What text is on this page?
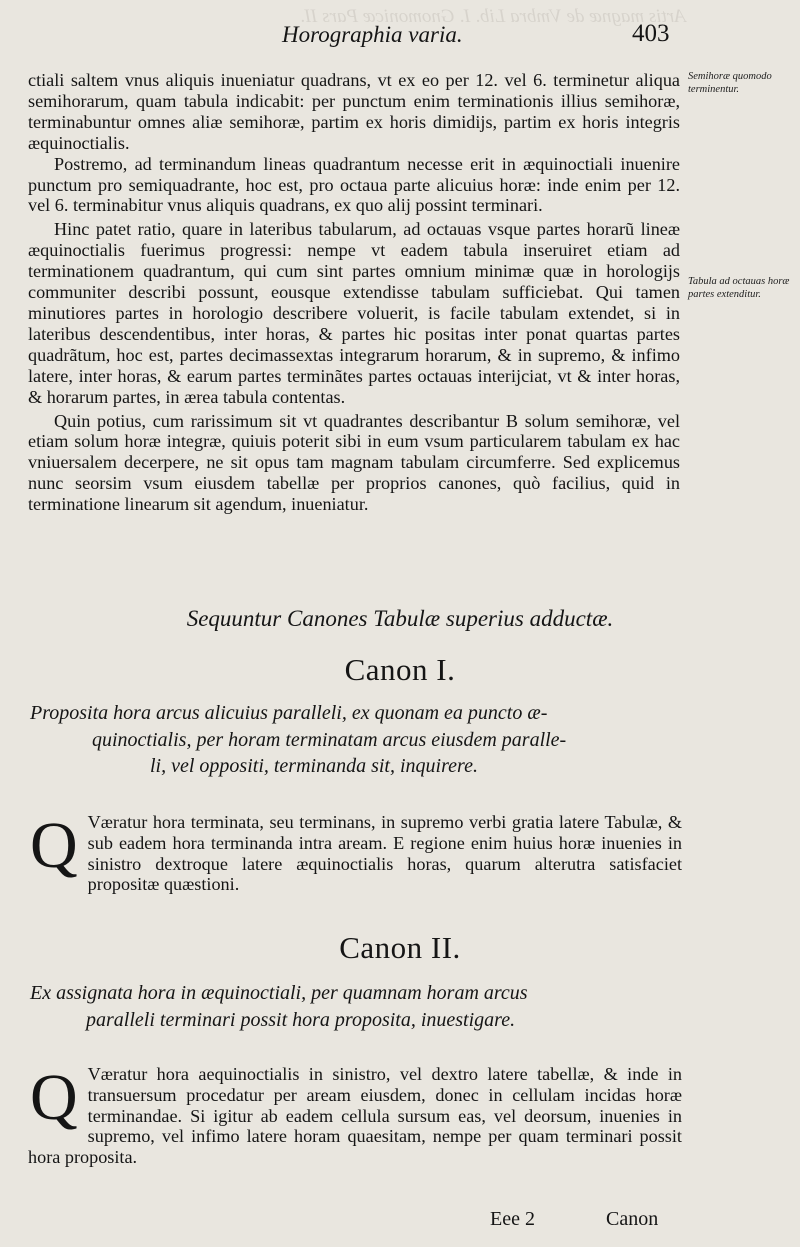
Artis magnæ de Vmbra Lib. I. Gnomonicæ Pars II.
Horographia varia.	403
Semihoræ quomodo terminentur.
Tabula ad octauas horæ partes extenditur.

ctiali saltem vnus aliquis inueniatur quadrans, vt ex eo per 12. vel 6. terminetur aliqua semihorarum, quam tabula indicabit: per punctum enim terminationis illius semihoræ, terminabuntur omnes aliæ semihoræ, partim ex horis dimidijs, partim ex horis integris æquinoctialis.

Postremo, ad terminandum lineas quadrantum necesse erit in æquinoctiali inuenire punctum pro semiquadrante, hoc est, pro octaua parte alicuius horæ: inde enim per 12. vel 6. terminabitur vnus aliquis quadrans, ex quo alij possint terminari.

Hinc patet ratio, quare in lateribus tabularum, ad octauas vsque partes horarũ lineæ æquinoctialis fuerimus progressi: nempe vt eadem tabula inseruiret etiam ad terminationem quadrantum, qui cum sint partes omnium minimæ quæ in horologijs communiter describi possunt, eousque extendisse tabulam sufficiebat. Qui tamen minutiores partes in horologio describere voluerit, is facile tabulam extendet, si in lateribus descendentibus, inter horas, & partes hic positas inter ponat quartas partes quadrãtum, hoc est, partes decimassextas integrarum horarum, & in supremo, & infimo latere, inter horas, & earum partes terminãtes partes octauas interijciat, vt & inter horas, & horarum partes, in ærea tabula contentas.

Quin potius, cum rarissimum sit vt quadrantes describantur B solum semihoræ, vel etiam solum horæ integræ, quiuis poterit sibi in eum vsum particularem tabulam ex hac vniuersalem decerpere, ne sit opus tam magnam tabulam circumferre. Sed explicemus nunc seorsim vsum eiusdem tabellæ per proprios canones, quò facilius, quid in terminatione linearum sit agendum, inueniatur.

Sequuntur Canones Tabulæ superius adductæ.
Canon I.
Proposita hora arcus alicuius paralleli, ex quonam ea puncto æ-
quinoctialis, per horam terminatam arcus eiusdem paralle-
li, vel oppositi, terminanda sit, inquirere.
Q Væratur hora terminata, seu terminans, in supremo verbi gratia latere Tabulæ, & sub eadem hora terminanda intra aream. E regione enim huius horæ inuenies in sinistro dextroque latere æquinoctialis horas, quarum alterutra satisfaciet propositæ quæstioni.
Canon II.
Ex assignata hora in æquinoctiali, per quamnam horam arcus
paralleli terminari possit hora proposita, inuestigare.
Q Væratur hora aequinoctialis in sinistro, vel dextro latere tabellæ, & inde in transuersum procedatur per aream eiusdem, donec in cellulam incidas horæ terminandae. Si igitur ab eadem cellula sursum eas, vel deorsum, inuenies in supremo, vel infimo latere horam quaesitam, nempe per quam terminari possit hora proposita.
Eee 2	Canon
